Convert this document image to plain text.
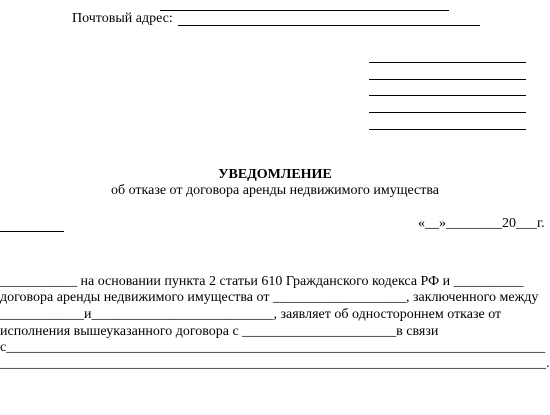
Почтовый адрес:
УВЕДОМЛЕНИЕ
об отказе от договора аренды недвижимого имущества
«__»________20___г.
___________ на основании пункта 2 статьи 610 Гражданского кодекса РФ и __________
договора аренды недвижимого имущества от ___________________, заключенного между
____________и__________________________, заявляет об одностороннем отказе от
исполнения вышеуказанного договора с ______________________в связи
с_____________________________________________________________________________
______________________________________________________________________________.
